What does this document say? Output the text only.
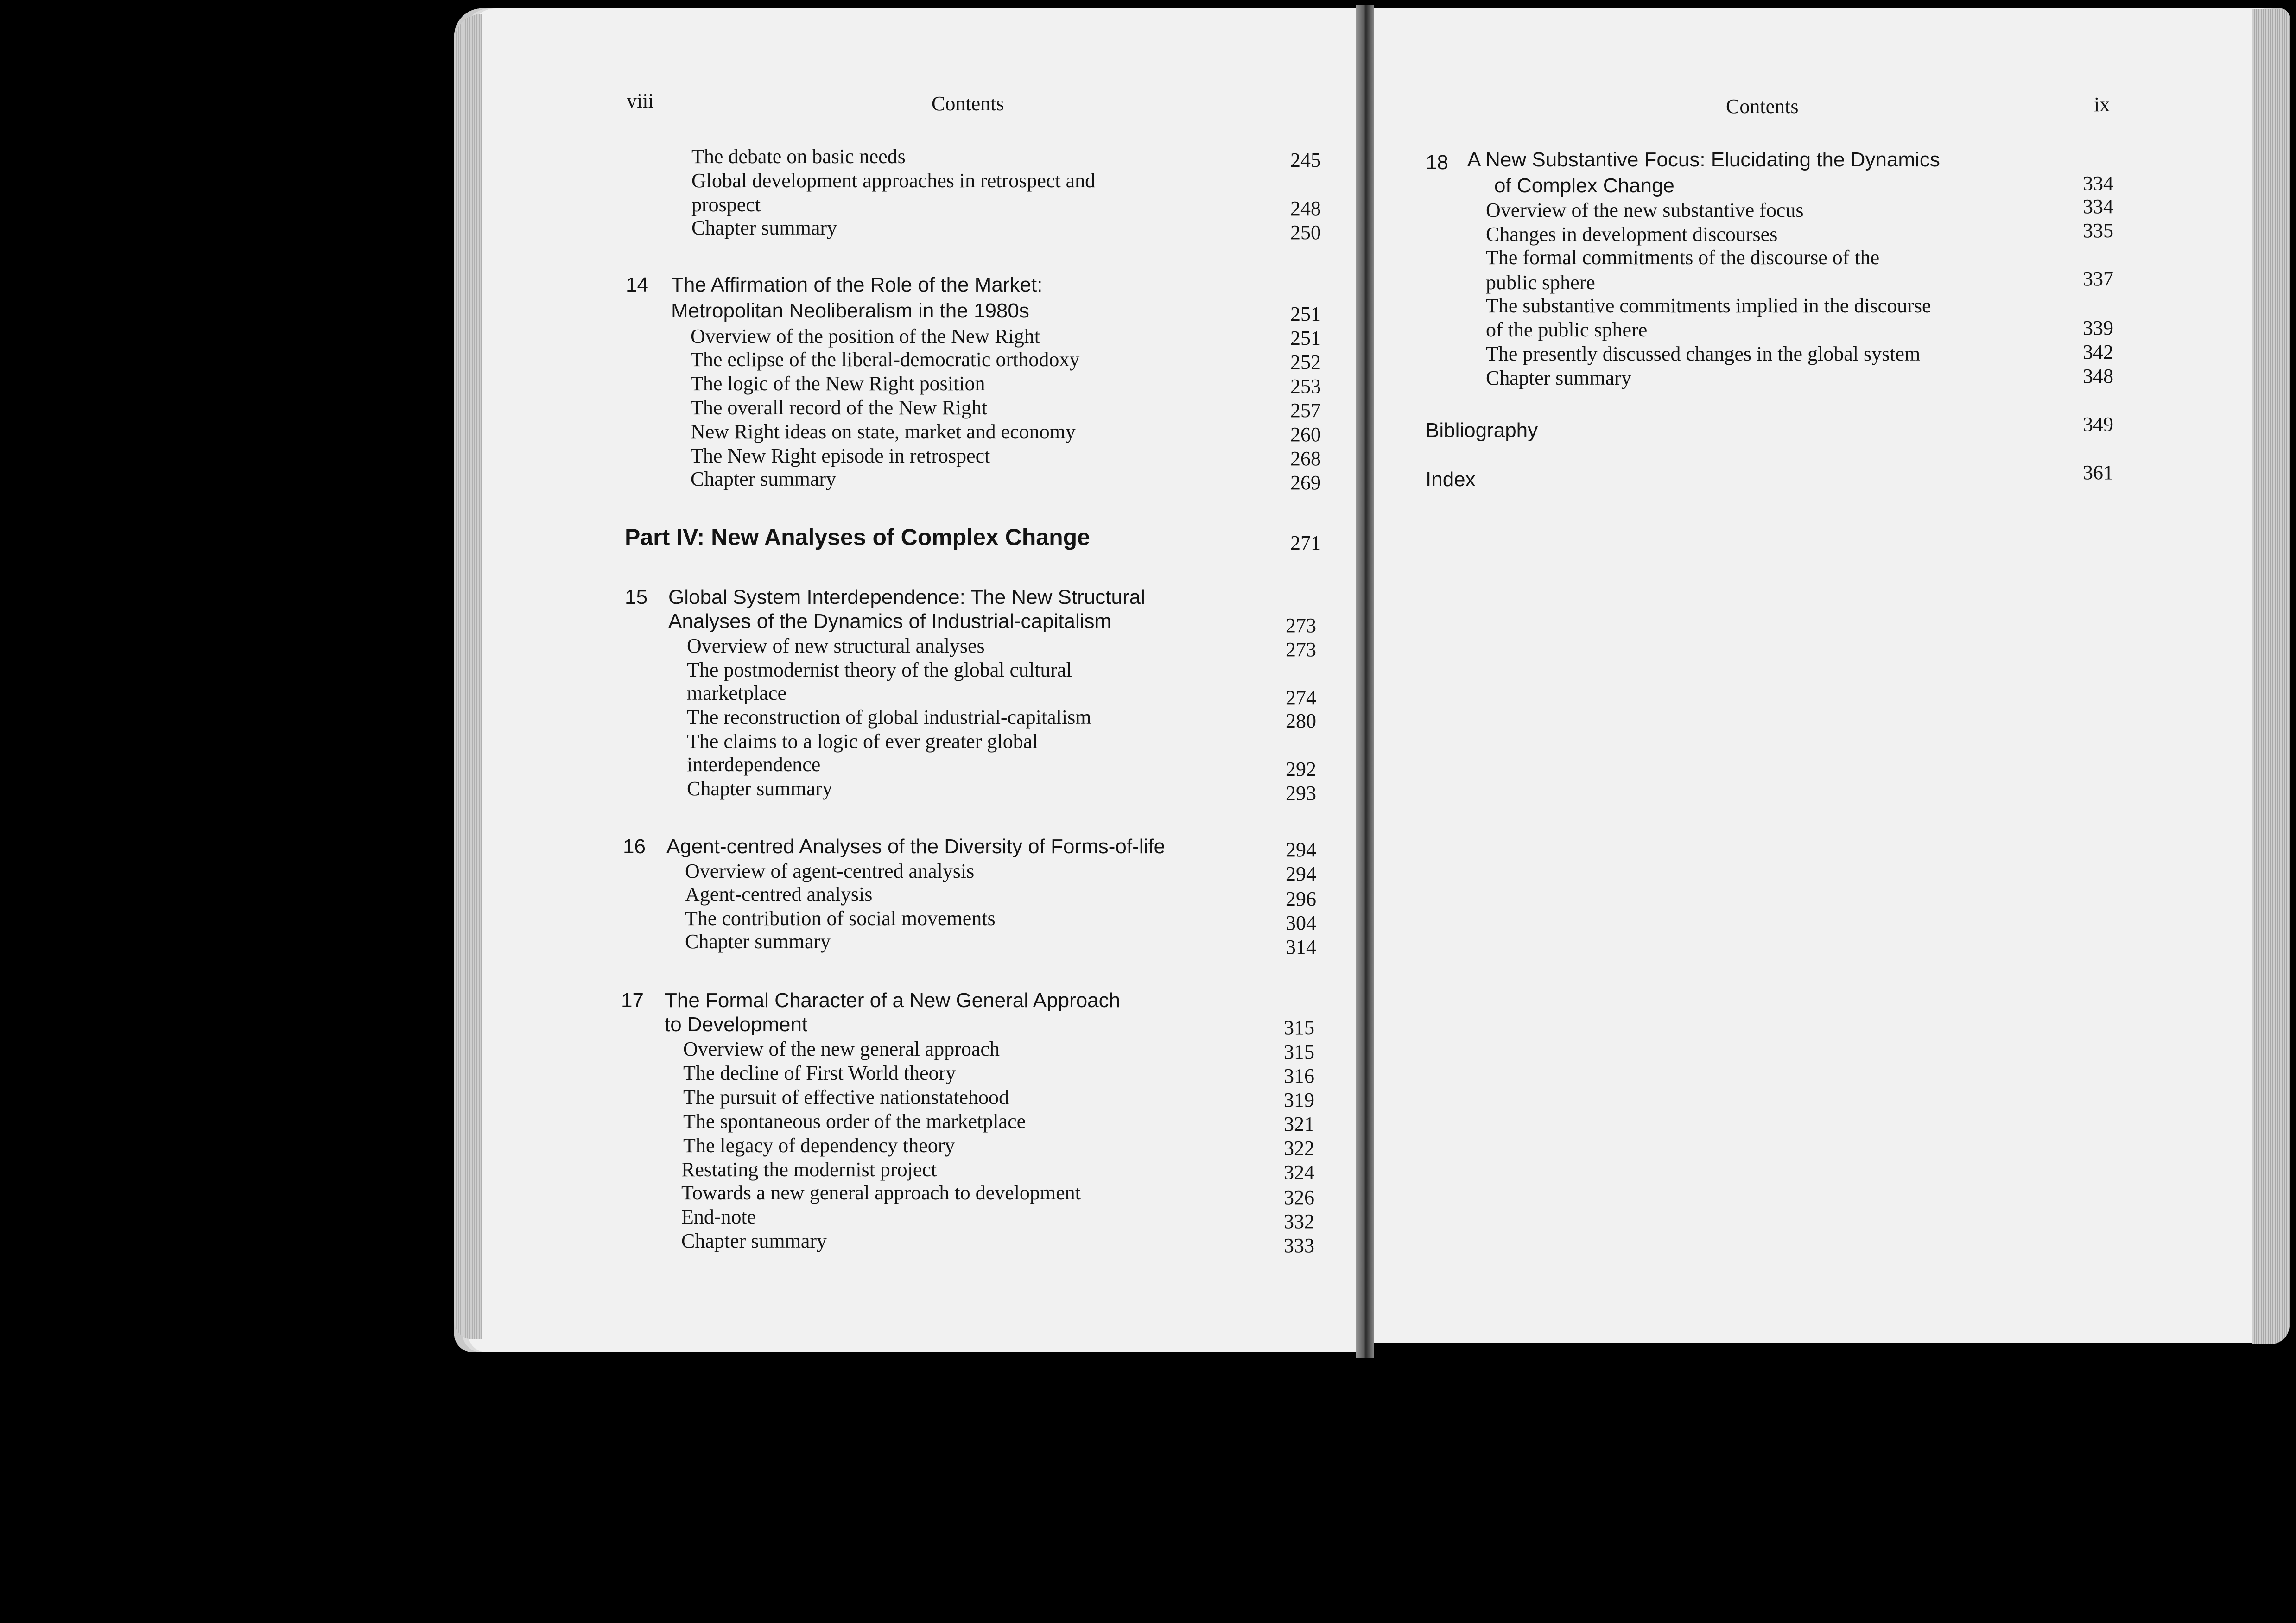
viii	Contents
The debate on basic needs	245
Global development approaches in retrospect and
prospect	248
Chapter summary	250
14 The Affirmation of the Role of the Market:
Metropolitan Neoliberalism in the 1980s	251
Overview of the position of the New Right	251
The eclipse of the liberal-democratic orthodoxy	252
The logic of the New Right position	253
The overall record of the New Right	257
New Right ideas on state, market and economy	260
The New Right episode in retrospect	268
Chapter summary	269
Part IV: New Analyses of Complex Change	271
15 Global System Interdependence: The New Structural
Analyses of the Dynamics of Industrial-capitalism	273
Overview of new structural analyses	273
The postmodernist theory of the global cultural
marketplace	274
The reconstruction of global industrial-capitalism	280
The claims to a logic of ever greater global
interdependence	292
Chapter summary	293
16 Agent-centred Analyses of the Diversity of Forms-of-life	294
Overview of agent-centred analysis	294
Agent-centred analysis	296
The contribution of social movements	304
Chapter summary	314
17 The Formal Character of a New General Approach
to Development	315
Overview of the new general approach	315
The decline of First World theory	316
The pursuit of effective nationstatehood	319
The spontaneous order of the marketplace	321
The legacy of dependency theory	322
Restating the modernist project	324
Towards a new general approach to development	326
End-note	332
Chapter summary	333
Contents	ix
18 A New Substantive Focus: Elucidating the Dynamics
of Complex Change	334
Overview of the new substantive focus	334
Changes in development discourses	335
The formal commitments of the discourse of the
public sphere	337
The substantive commitments implied in the discourse
of the public sphere	339
The presently discussed changes in the global system	342
Chapter summary	348
Bibliography	349
Index	361
